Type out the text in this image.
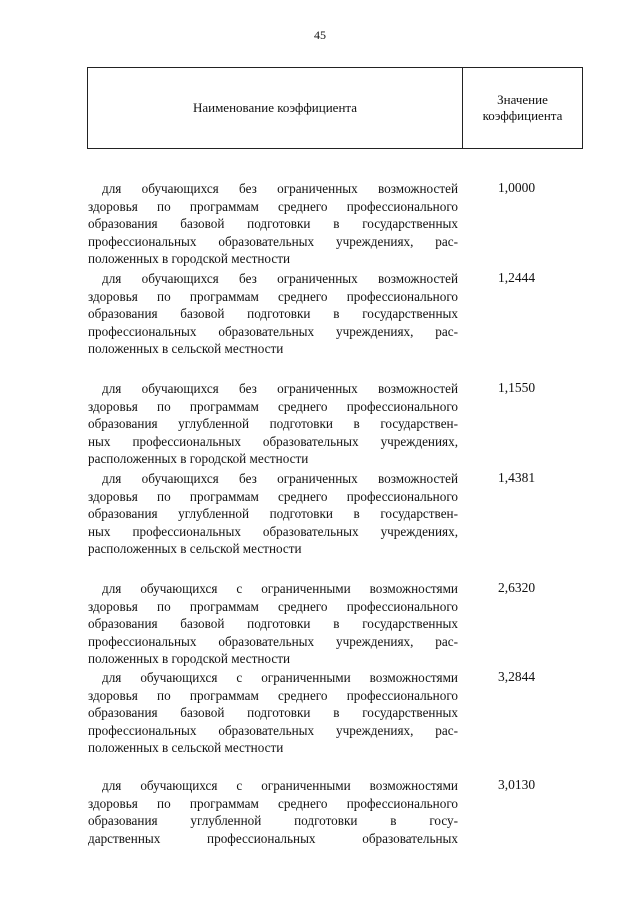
45
Наименование коэффициента
Значение
коэффициента

для обучающихся без ограниченных возможностей
здоровья по программам среднего профессионального
образования базовой подготовки в государственных
профессиональных образовательных учреждениях, рас-
положенных в городской местности

1,0000

для обучающихся без ограниченных возможностей
здоровья по программам среднего профессионального
образования базовой подготовки в государственных
профессиональных образовательных учреждениях, рас-
положенных в сельской местности

1,2444

для обучающихся без ограниченных возможностей
здоровья по программам среднего профессионального
образования углубленной подготовки в государствен-
ных профессиональных образовательных учреждениях,
расположенных в городской местности

1,1550

для обучающихся без ограниченных возможностей
здоровья по программам среднего профессионального
образования углубленной подготовки в государствен-
ных профессиональных образовательных учреждениях,
расположенных в сельской местности

1,4381

для обучающихся с ограниченными возможностями
здоровья по программам среднего профессионального
образования базовой подготовки в государственных
профессиональных образовательных учреждениях, рас-
положенных в городской местности

2,6320

для обучающихся с ограниченными возможностями
здоровья по программам среднего профессионального
образования базовой подготовки в государственных
профессиональных образовательных учреждениях, рас-
положенных в сельской местности

3,2844

для обучающихся с ограниченными возможностями
здоровья по программам среднего профессионального
образования углубленной подготовки в госу-
дарственных профессиональных образовательных

3,0130
